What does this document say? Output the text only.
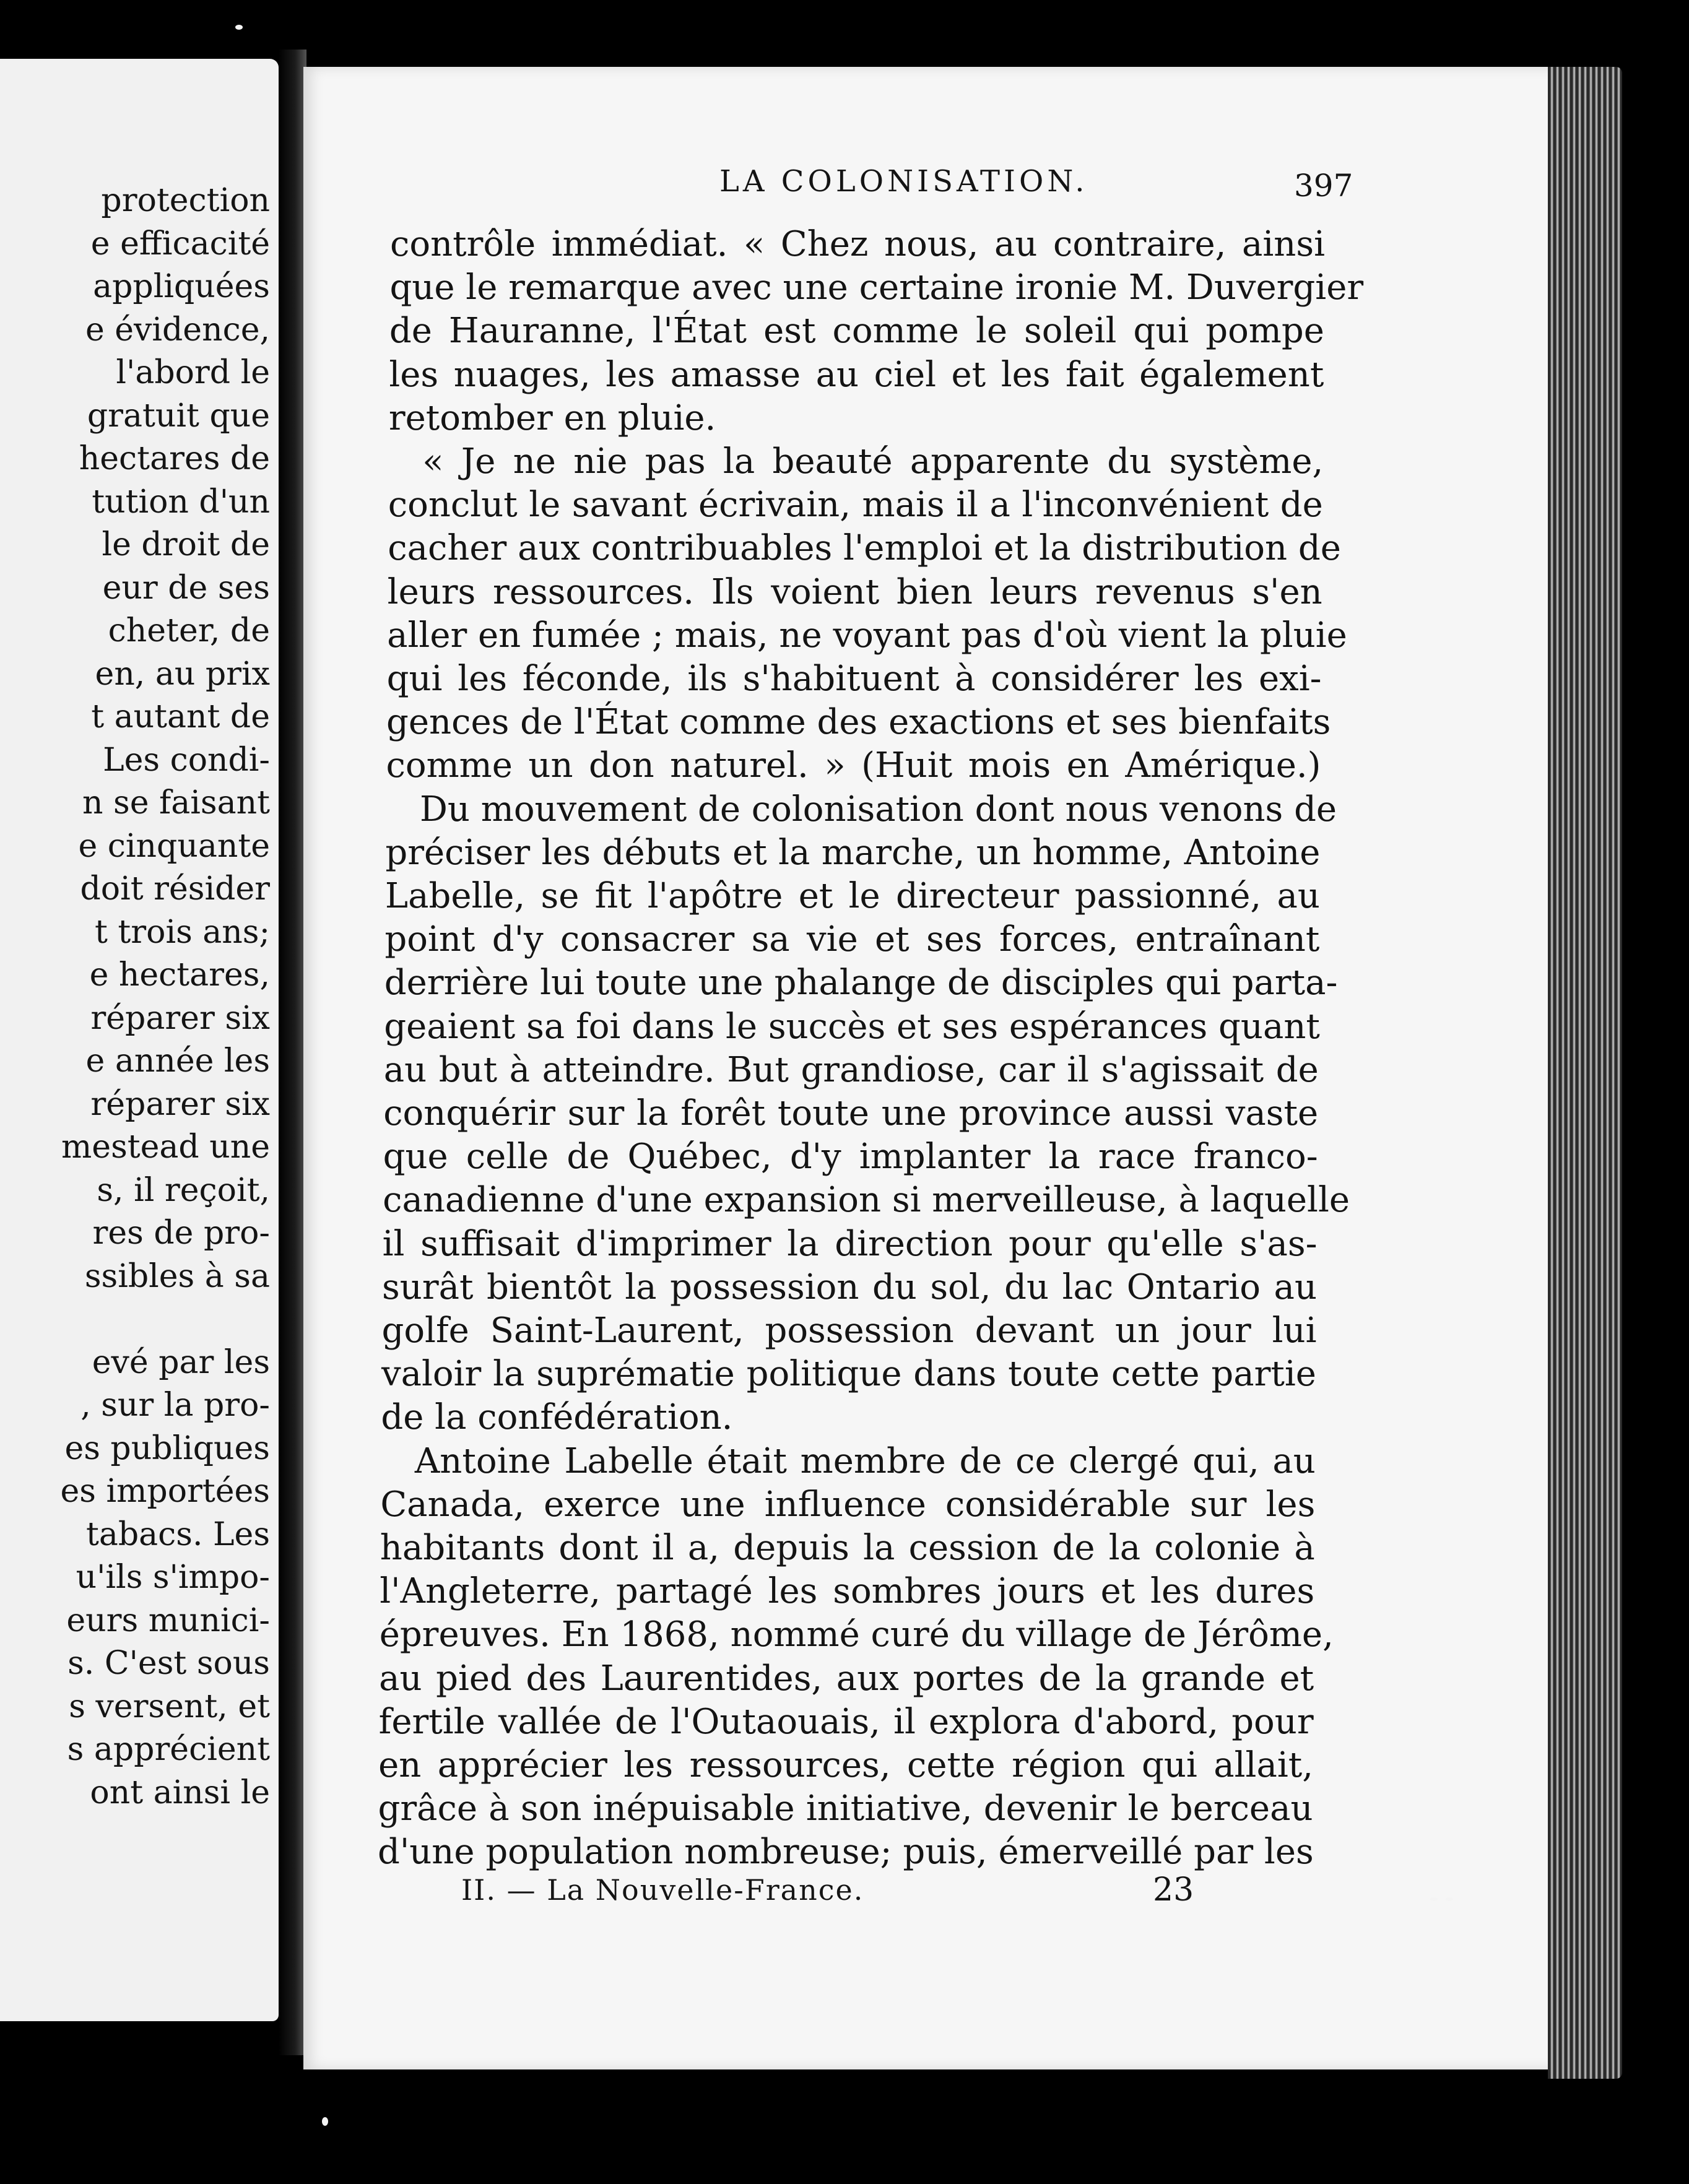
protection
e efficacité
appliquées
e évidence,
l'abord le
gratuit que
hectares de
tution d'un
le droit de
eur de ses
cheter, de
en, au prix
t autant de
Les condi-
n se faisant
e cinquante
doit résider
t trois ans;
e hectares,
réparer six
e année les
réparer six
mestead une
s, il reçoit,
res de pro-
ssibles à sa
evé par les
, sur la pro-
es publiques
es importées
tabacs. Les
u'ils s'impo-
eurs munici-
s. C'est sous
s versent, et
s apprécient
ont ainsi le
LA COLONISATION.	397
contrôle immédiat. « Chez nous, au contraire, ainsi
que le remarque avec une certaine ironie M. Duvergier
de Hauranne, l'État est comme le soleil qui pompe
les nuages, les amasse au ciel et les fait également
retomber en pluie.
« Je ne nie pas la beauté apparente du système,
conclut le savant écrivain, mais il a l'inconvénient de
cacher aux contribuables l'emploi et la distribution de
leurs ressources. Ils voient bien leurs revenus s'en
aller en fumée ; mais, ne voyant pas d'où vient la pluie
qui les féconde, ils s'habituent à considérer les exi-
gences de l'État comme des exactions et ses bienfaits
comme un don naturel. » (Huit mois en Amérique.)
Du mouvement de colonisation dont nous venons de
préciser les débuts et la marche, un homme, Antoine
Labelle, se fit l'apôtre et le directeur passionné, au
point d'y consacrer sa vie et ses forces, entraînant
derrière lui toute une phalange de disciples qui parta-
geaient sa foi dans le succès et ses espérances quant
au but à atteindre. But grandiose, car il s'agissait de
conquérir sur la forêt toute une province aussi vaste
que celle de Québec, d'y implanter la race franco-
canadienne d'une expansion si merveilleuse, à laquelle
il suffisait d'imprimer la direction pour qu'elle s'as-
surât bientôt la possession du sol, du lac Ontario au
golfe Saint-Laurent, possession devant un jour lui
valoir la suprématie politique dans toute cette partie
de la confédération.
Antoine Labelle était membre de ce clergé qui, au
Canada, exerce une influence considérable sur les
habitants dont il a, depuis la cession de la colonie à
l'Angleterre, partagé les sombres jours et les dures
épreuves. En 1868, nommé curé du village de Jérôme,
au pied des Laurentides, aux portes de la grande et
fertile vallée de l'Outaouais, il explora d'abord, pour
en apprécier les ressources, cette région qui allait,
grâce à son inépuisable initiative, devenir le berceau
d'une population nombreuse; puis, émerveillé par les
II. — La Nouvelle-France.	23
